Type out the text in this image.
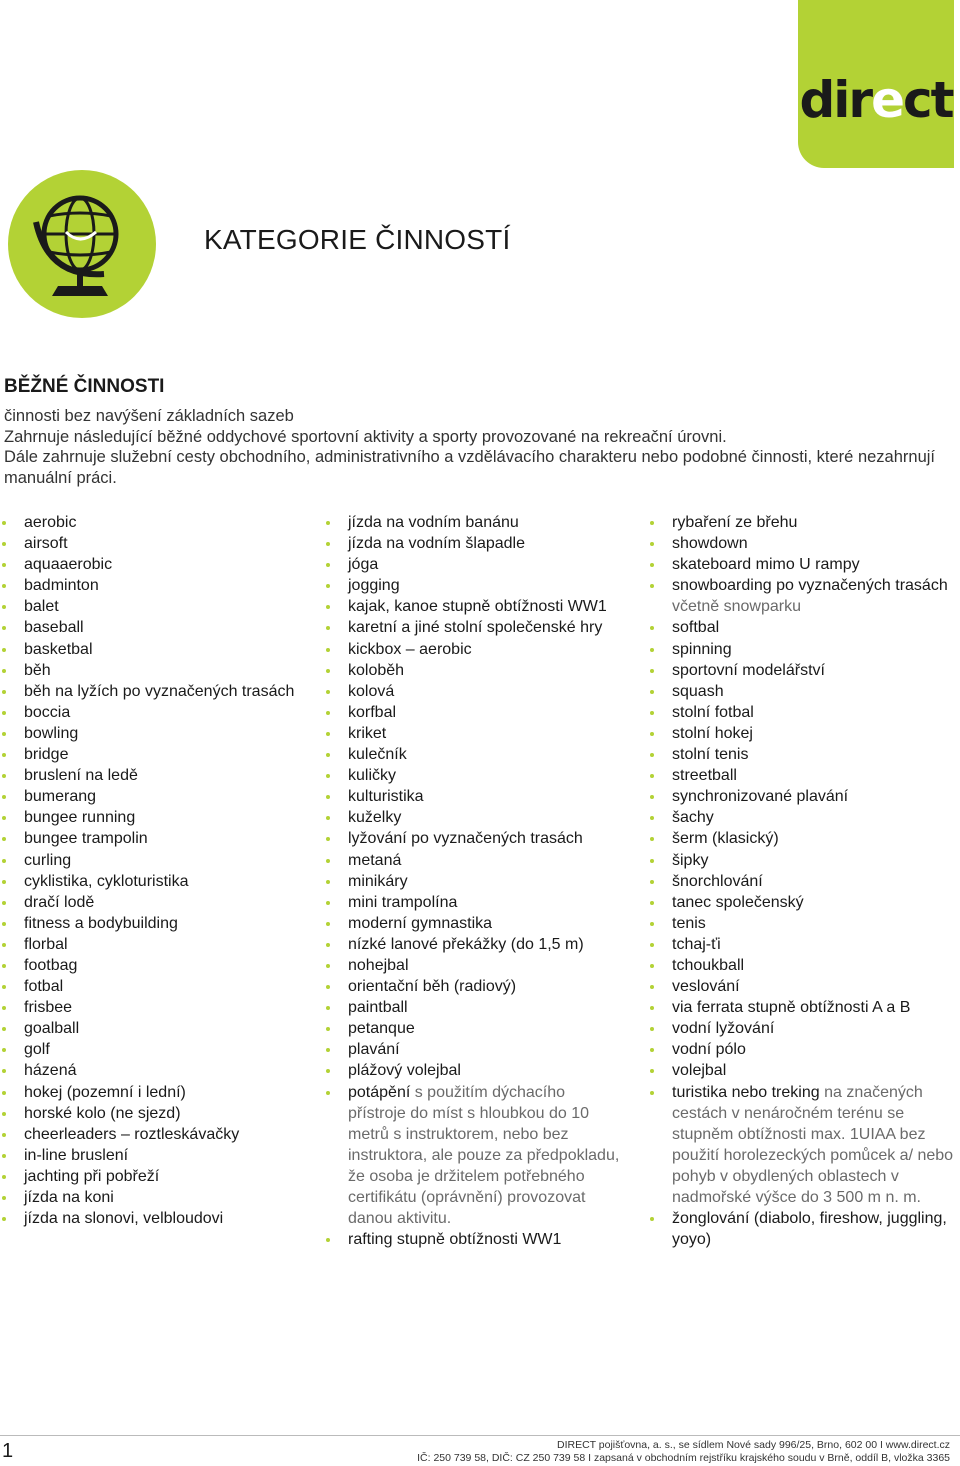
direct
KATEGORIE ČINNOSTÍ
BĚŽNÉ ČINNOSTI

činnosti bez navýšení základních sazeb

Zahrnuje následující běžné oddychové sportovní aktivity a sporty provozované na rekreační úrovni.

Dále zahrnuje služební cesty obchodního, administrativního a vzdělávacího charakteru nebo podobné činnosti, které nezahrnují manuální práci.

aerobic
airsoft
aquaaerobic
badminton
balet
baseball
basketbal
běh
běh na lyžích po vyznačených trasách
boccia
bowling
bridge
bruslení na ledě
bumerang
bungee running
bungee trampolin
curling
cyklistika, cykloturistika
dračí lodě
fitness a bodybuilding
florbal
footbag
fotbal
frisbee
goalball
golf
házená
hokej (pozemní i lední)
horské kolo (ne sjezd)
cheerleaders – roztleskávačky
in-line bruslení
jachting při pobřeží
jízda na koni
jízda na slonovi, velbloudovi
jízda na vodním banánu
jízda na vodním šlapadle
jóga
jogging
kajak, kanoe stupně obtížnosti WW1
karetní a jiné stolní společenské hry
kickbox – aerobic
koloběh
kolová
korfbal
kriket
kulečník
kuličky
kulturistika
kuželky
lyžování po vyznačených trasách
metaná
minikáry
mini trampolína
moderní gymnastika
nízké lanové překážky (do 1,5 m)
nohejbal
orientační běh (radiový)
paintball
petanque
plavání
plážový volejbal
potápění s použitím dýchacího přístroje do míst s hloubkou do 10 metrů s instruktorem, nebo bez instruktora, ale pouze za předpokladu, že osoba je držitelem potřebného certifikátu (oprávnění) provozovat danou aktivitu.
rafting stupně obtížnosti WW1
rybaření ze břehu
showdown
skateboard mimo U rampy
snowboarding po vyznačených trasách včetně snowparku
softbal
spinning
sportovní modelářství
squash
stolní fotbal
stolní hokej
stolní tenis
streetball
synchronizované plavání
šachy
šerm (klasický)
šipky
šnorchlování
tanec společenský
tenis
tchaj-ťi
tchoukball
veslování
via ferrata stupně obtížnosti A a B
vodní lyžování
vodní pólo
volejbal
turistika nebo treking na značených cestách v nenáročném terénu se stupněm obtížnosti max. 1UIAA bez použití horolezeckých pomůcek a/ nebo pohyb v obydlených oblastech v nadmořské výšce do 3 500 m n. m.
žonglování (diabolo, fireshow, juggling, yoyo)
1	DIRECT pojišťovna, a. s., se sídlem Nové sady 996/25, Brno, 602 00 I www.direct.cz
IČ: 250 739 58, DIČ: CZ 250 739 58 I zapsaná v obchodním rejstříku krajského soudu v Brně, oddíl B, vložka 3365
